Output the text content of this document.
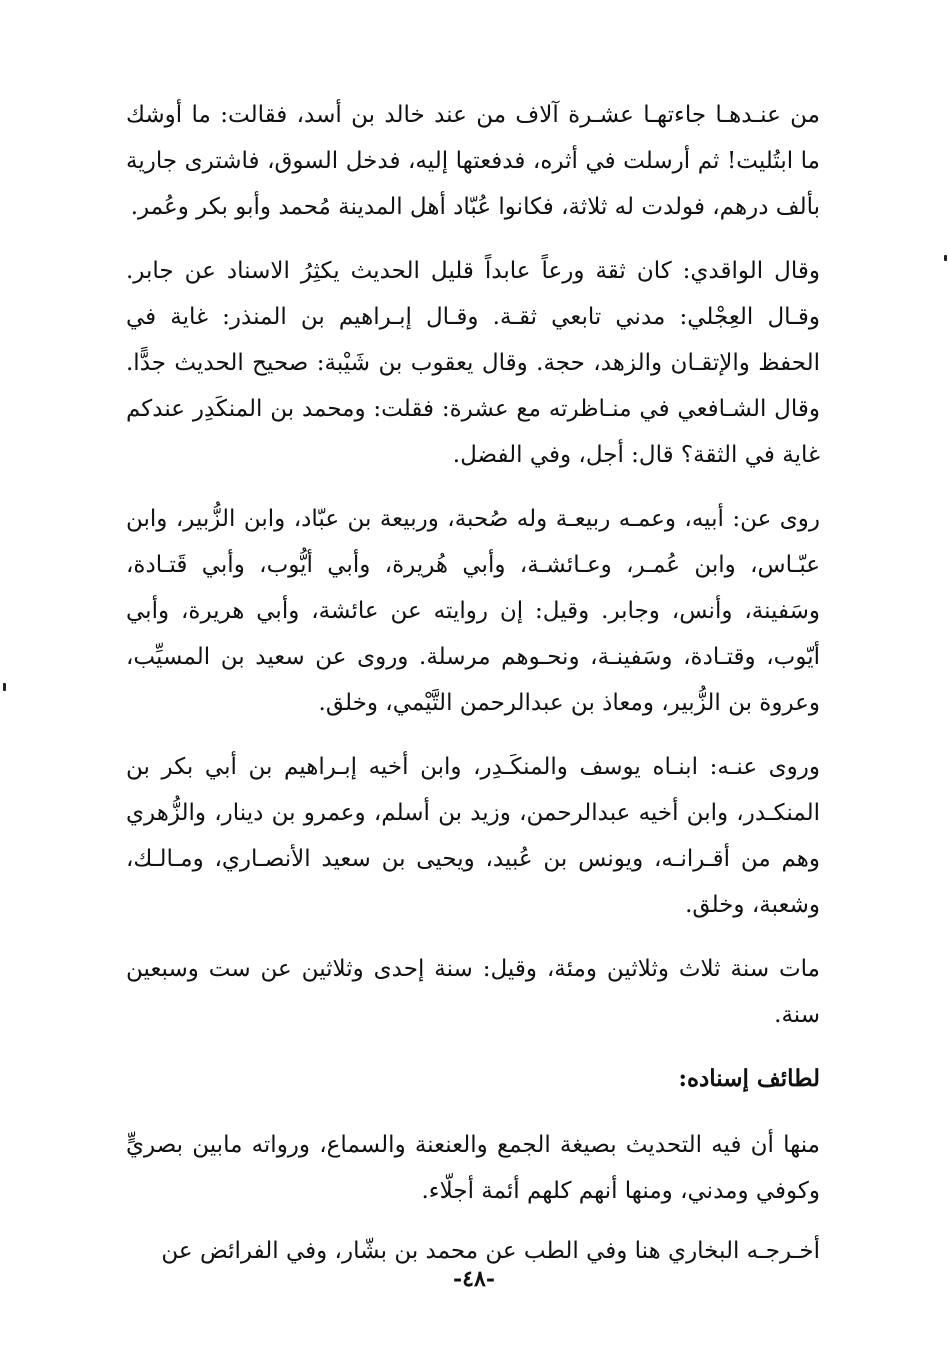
من عنـدهـا جاءتهـا عشـرة آلاف من عند خالد بن أسد، فقالت: ما أوشك ما ابتُليت! ثم أرسلت في أثره، فدفعتها إليه، فدخل السوق، فاشترى جارية بألف درهم، فولدت له ثلاثة، فكانوا عُبّاد أهل المدينة مُحمد وأبو بكر وعُمر.

وقال الواقدي: كان ثقة ورعاً عابداً قليل الحديث يكثِرُ الاسناد عن جابر. وقـال العِجْلي: مدني تابعي ثقـة. وقـال إبـراهيم بن المنذر: غاية في الحفظ والإتقـان والزهد، حجة. وقال يعقوب بن شَيْبة: صحيح الحديث جدًّا. وقال الشـافعي في منـاظرته مع عشرة: فقلت: ومحمد بن المنكَدِر عندكم غاية في الثقة؟ قال: أجل، وفي الفضل.

روى عن: أبيه، وعمـه ربيعـة وله صُحبة، وربيعة بن عبّاد، وابن الزُّبير، وابن عبّـاس، وابن عُمـر، وعـائشـة، وأبي هُريرة، وأبي أيُّوب، وأبي قَتـادة، وسَفينة، وأنس، وجابر. وقيل: إن روايته عن عائشة، وأبي هريرة، وأبي أيّوب، وقتـادة، وسَفينـة، ونحـوهم مرسلة. وروى عن سعيد بن المسيِّب، وعروة بن الزُّبير، ومعاذ بن عبدالرحمن التَّيْمي، وخلق.

وروى عنـه: ابنـاه يوسف والمنكَـدِر، وابن أخيه إبـراهيم بن أبي بكر بن المنكـدر، وابن أخيه عبدالرحمن، وزيد بن أسلم، وعمرو بن دينار، والزُّهري وهم من أقـرانـه، ويونس بن عُبيد، ويحيى بن سعيد الأنصـاري، ومـالـك، وشعبة، وخلق.

مات سنة ثلاث وثلاثين ومئة، وقيل: سنة إحدى وثلاثين عن ست وسبعين سنة.

لطائف إسناده:

منها أن فيه التحديث بصيغة الجمع والعنعنة والسماع، ورواته مابين بصريٍّ وكوفي ومدني، ومنها أنهم كلهم أئمة أجلّاء.

أخـرجـه البخاري هنا وفي الطب عن محمد بن بشّار، وفي الفرائض عن

-٤٨-
